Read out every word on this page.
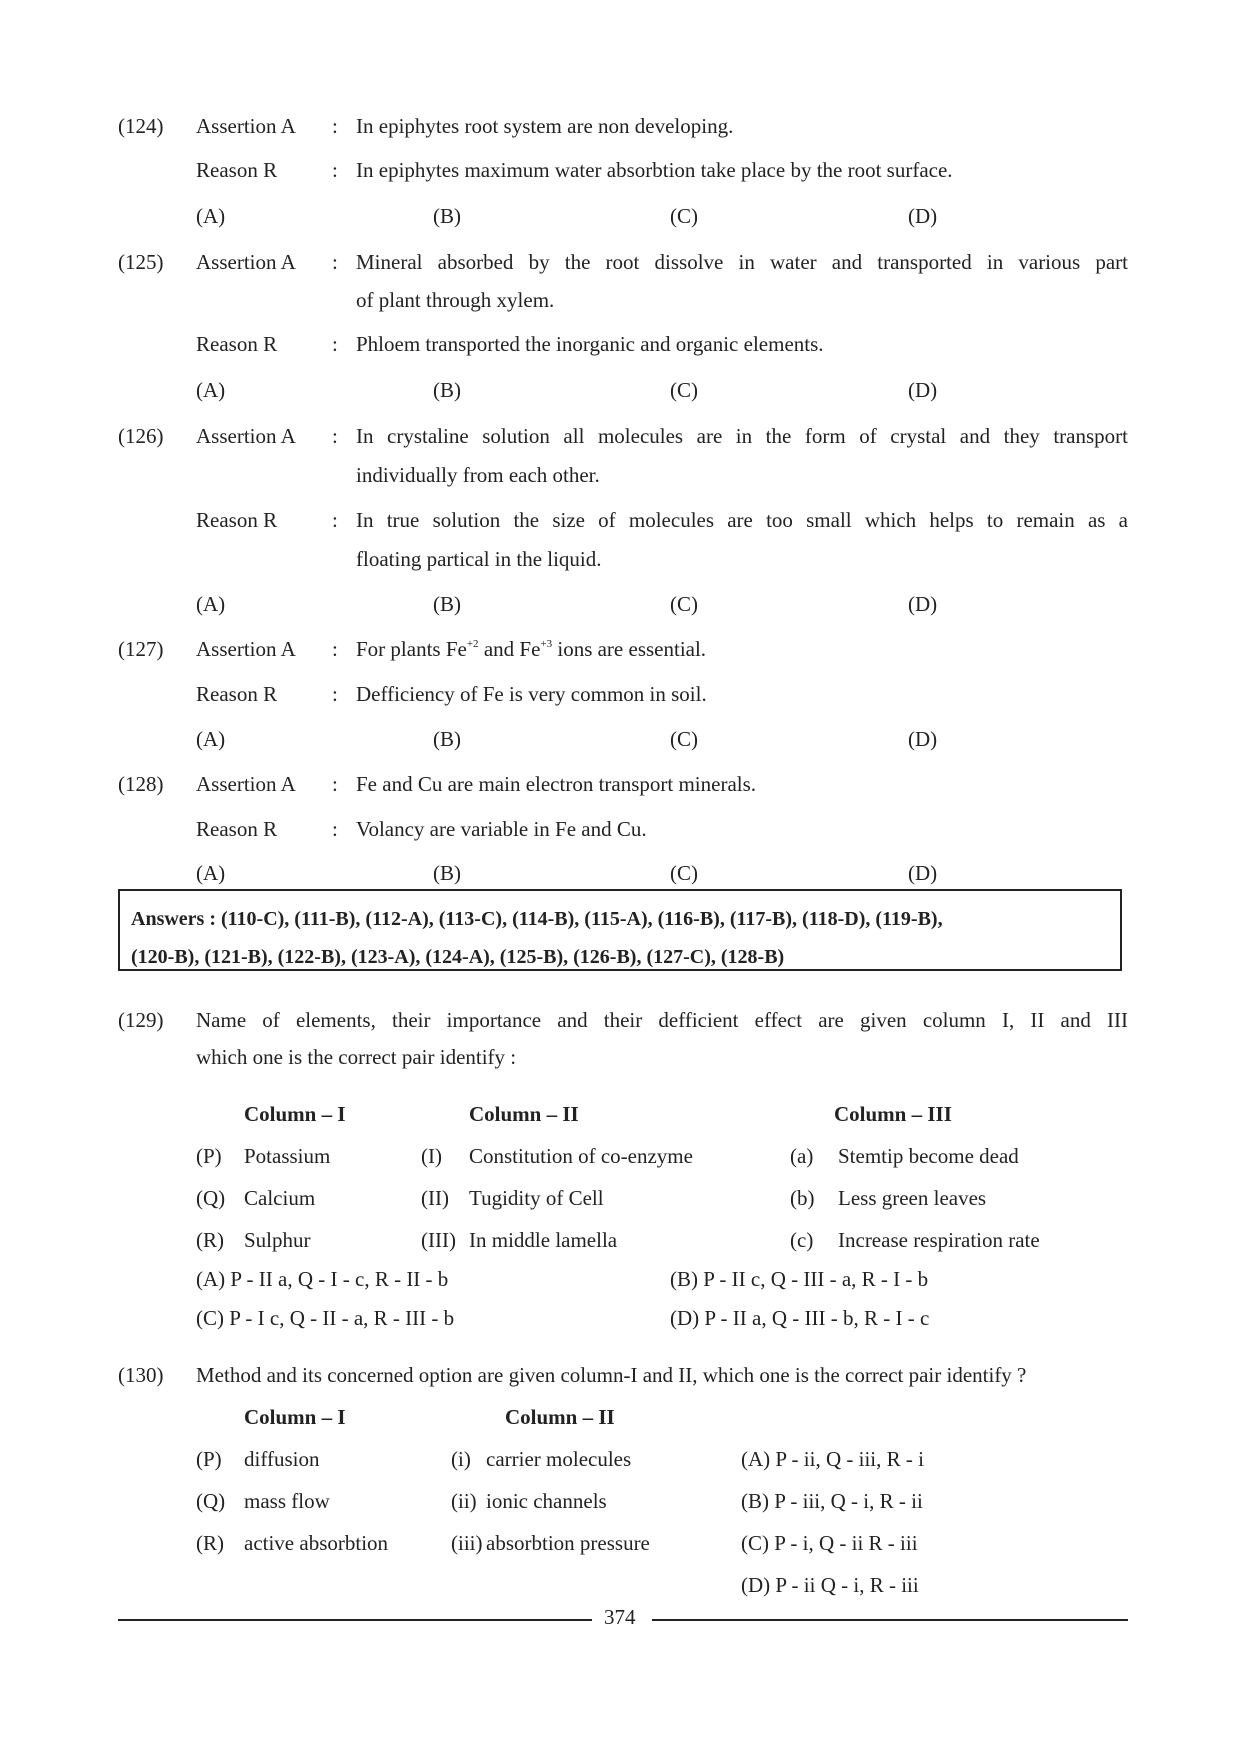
(124) Assertion A : In epiphytes root system are non developing.
Reason R	: In epiphytes maximum water absorbtion take place by the root surface.
(A)	(B)	(C)	(D)
(125) Assertion A : Mineral absorbed by the root dissolve in water and transported in various part
of plant through xylem.
Reason R	: Phloem transported the inorganic and organic elements.
(A)	(B)	(C)	(D)
(126) Assertion A : In crystaline solution all molecules are in the form of crystal and they transport
individually from each other.
Reason R	: In true solution the size of molecules are too small which helps to remain as a
floating partical in the liquid.
(A)	(B)	(C)	(D)
(127) Assertion A : For plants $Fe^{+2}$ and $Fe^{+3}$ ions are essential.
Reason R	: Defficiency of Fe is very common in soil.
(A)	(B)	(C)	(D)
(128) Assertion A : Fe and Cu are main electron transport minerals.
Reason R	: Volancy are variable in Fe and Cu.
(A)	(B)	(C)	(D)
Answers : (110-C), (111-B), (112-A), (113-C), (114-B), (115-A), (116-B), (117-B), (118-D), (119-B),
(120-B), (121-B), (122-B), (123-A), (124-A), (125-B), (126-B), (127-C), (128-B)
(129) Name of elements, their importance and their defficient effect are given column I, II and III
which one is the correct pair identify :
Column – I	Column – II	Column – III
(P) Potassium	(I) Constitution of co-enzyme	(a) Stemtip become dead
(Q) Calcium	(II) Tugidity of Cell	(b) Less green leaves
(R) Sulphur	(III) In middle lamella	(c) Increase respiration rate
(A) P - II a, Q - I - c, R - II - b	(B) P - II c, Q - III - a, R - I - b
(C) P - I c, Q - II - a, R - III - b	(D) P - II a, Q - III - b, R - I - c
(130) Method and its concerned option are given column-I and II, which one is the correct pair identify ?
Column – I	Column – II
(P) diffusion	(i) carrier molecules	(A) P - ii, Q - iii, R - i
(Q) mass flow	(ii) ionic channels	(B) P - iii, Q - i, R - ii
(R) active absorbtion	(iii) absorbtion pressure	(C) P - i, Q - ii R - iii
(D) P - ii Q - i, R - iii
374
